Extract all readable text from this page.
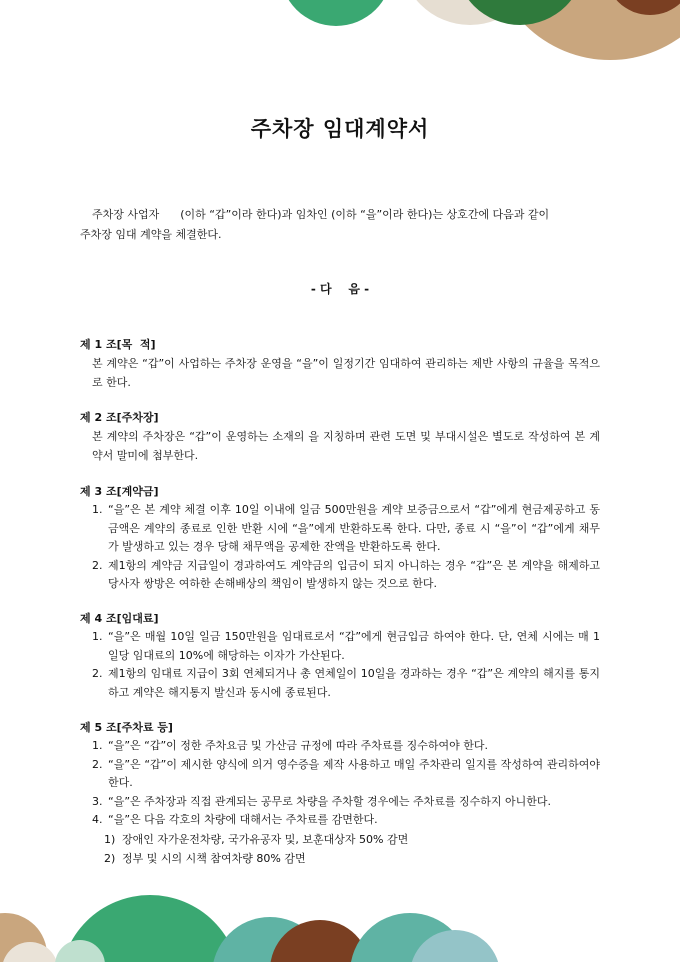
주차장 임대계약서
주차장 사업자      (이하 “갑”이라 한다)과 임차인 (이하 “을”이라 한다)는 상호간에 다음과 같이
주차장 임대 계약을 체결한다.
- 다    음 -
제 1 조[목  적]
본 계약은 “갑”이 사업하는 주차장 운영을 “을”이 일정기간 임대하여 관리하는 제반 사항의 규율을 목적으로 한다.
제 2 조[주차장]
본 계약의 주차장은 “갑”이 운영하는 소재의 을 지칭하며 관련 도면 및 부대시설은 별도로 작성하여 본 계약서 말미에 첨부한다.
제 3 조[계약금]
1. “을”은 본 계약 체결 이후 10일 이내에 일금 500만원을 계약 보증금으로서 “갑”에게 현금제공하고 동 금액은 계약의 종료로 인한 반환 시에 “을”에게 반환하도록 한다. 다만, 종료 시 “을”이 “갑”에게 채무가 발생하고 있는 경우 당해 채무액을 공제한 잔액을 반환하도록 한다.
2. 제1항의 계약금 지급일이 경과하여도 계약금의 입금이 되지 아니하는 경우 “갑”은 본 계약을 해제하고 당사자 쌍방은 여하한 손해배상의 책임이 발생하지 않는 것으로 한다.
제 4 조[임대료]
1. “을”은 매월 10일 일금 150만원을 임대료로서 “갑”에게 현금입금 하여야 한다. 단, 연체 시에는 매 1일당 임대료의 10%에 해당하는 이자가 가산된다.
2. 제1항의 임대료 지급이 3회 연체되거나 총 연체일이 10일을 경과하는 경우 “갑”은 계약의 해지를 통지하고 계약은 해지통지 발신과 동시에 종료된다.
제 5 조[주차료 등]
1. “을”은 “갑”이 정한 주차요금 및 가산금 규정에 따라 주차료를 징수하여야 한다.
2. “을”은 “갑”이 제시한 양식에 의거 영수증을 제작 사용하고 매일 주차관리 일지를 작성하여 관리하여야 한다.
3. “을”은 주차장과 직접 관계되는 공무로 차량을 주차할 경우에는 주차료를 징수하지 아니한다.
4. “을”은 다음 각호의 차량에 대해서는 주차료를 감면한다.
1) 장애인 자가운전차량, 국가유공자 및, 보훈대상자 50% 감면
2) 정부 및 시의 시책 참여차량 80% 감면
